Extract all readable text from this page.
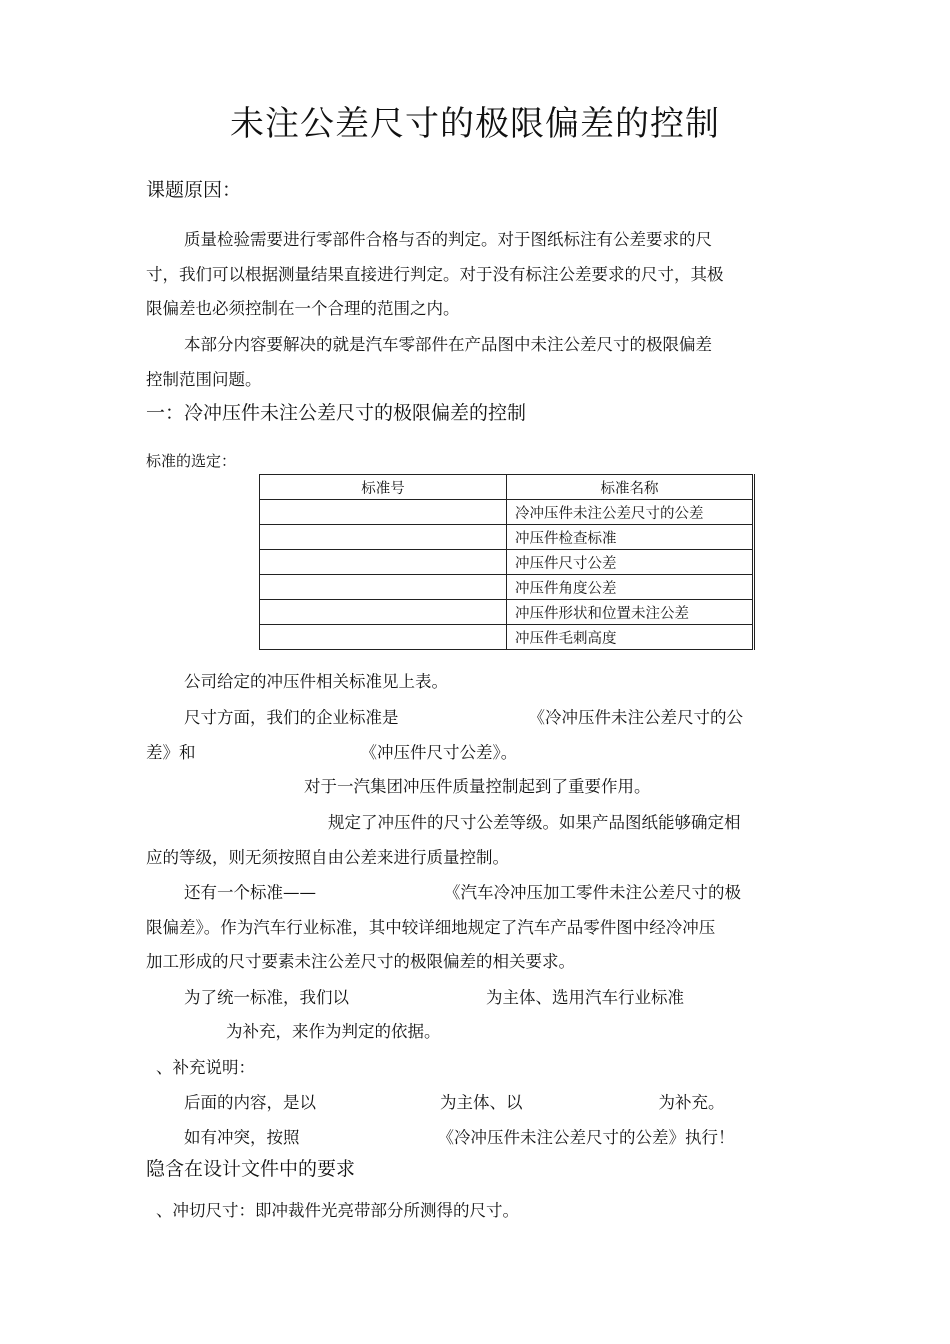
未注公差尺寸的极限偏差的控制
课题原因：
质量检验需要进行零部件合格与否的判定。对于图纸标注有公差要求的尺
寸，我们可以根据测量结果直接进行判定。对于没有标注公差要求的尺寸，其极
限偏差也必须控制在一个合理的范围之内。
本部分内容要解决的就是汽车零部件在产品图中未注公差尺寸的极限偏差
控制范围问题。
一：冷冲压件未注公差尺寸的极限偏差的控制
标准的选定：
标准号	标准名称
	冷冲压件未注公差尺寸的公差
	冲压件检查标准
	冲压件尺寸公差
	冲压件角度公差
	冲压件形状和位置未注公差
	冲压件毛刺高度
公司给定的冲压件相关标准见上表。
尺寸方面，我们的企业标准是	《冷冲压件未注公差尺寸的公
差》和	《冲压件尺寸公差》。
对于一汽集团冲压件质量控制起到了重要作用。
规定了冲压件的尺寸公差等级。如果产品图纸能够确定相
应的等级，则无须按照自由公差来进行质量控制。
还有一个标准——	《汽车冷冲压加工零件未注公差尺寸的极
限偏差》。作为汽车行业标准，其中较详细地规定了汽车产品零件图中经冷冲压
加工形成的尺寸要素未注公差尺寸的极限偏差的相关要求。
为了统一标准，我们以	为主体、选用汽车行业标准
为补充，来作为判定的依据。
、补充说明：
后面的内容，是以	为主体、以	为补充。
如有冲突，按照	《冷冲压件未注公差尺寸的公差》执行！
隐含在设计文件中的要求
、冲切尺寸：即冲裁件光亮带部分所测得的尺寸。
